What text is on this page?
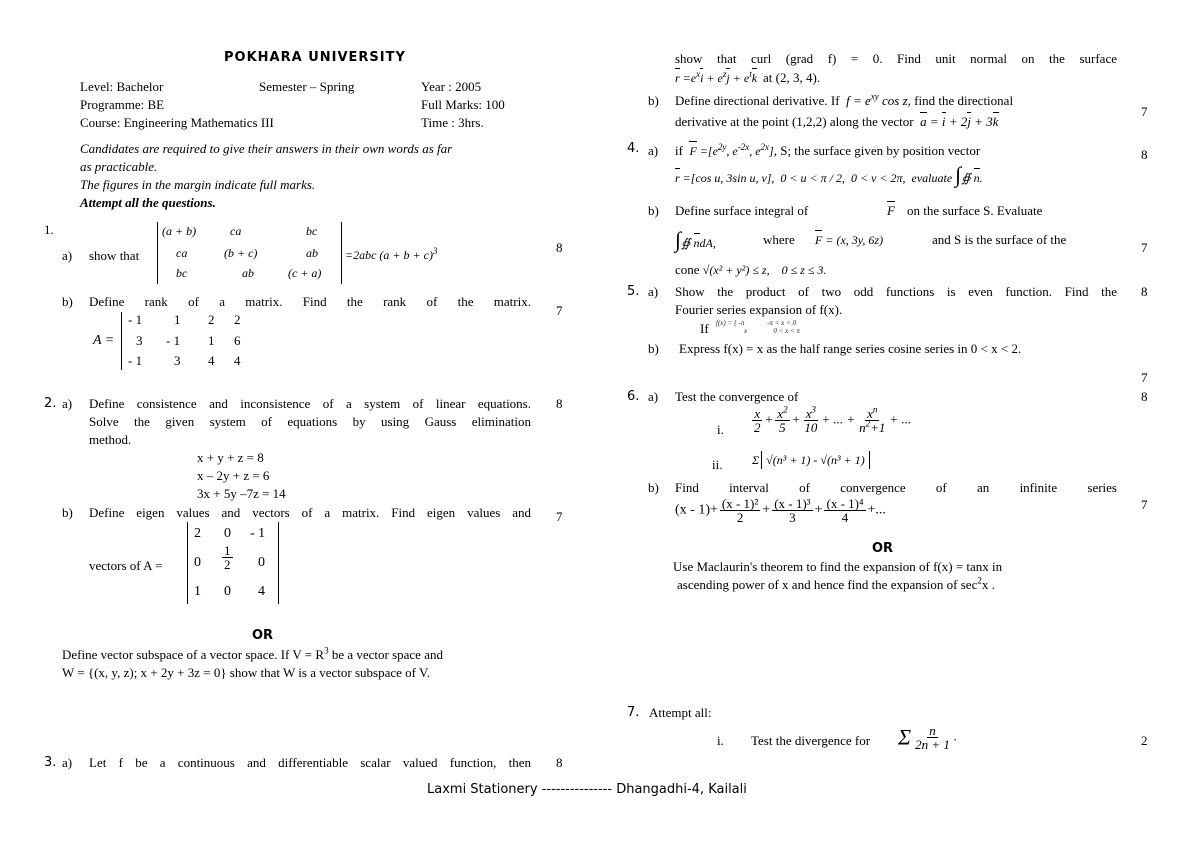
POKHARA UNIVERSITY
Level: Bachelor	Semester – Spring	Year : 2005
Programme: BE	Full Marks: 100
Course: Engineering Mathematics III	Time : 3hrs.
Candidates are required to give their answers in their own words as far
as practicable.
The figures in the margin indicate full marks.
Attempt all the questions.
1.
a) show that
(a + b)	ca	bc
ca	(b + c)	ab
bc	ab	(c + a)
=2abc $(a + b + c)^3$	8
b) Define rank of a matrix. Find the rank of the matrix.
7
A =
- 1 1 2 2
3 - 1 1 6
- 1 3 4 4
2. a) Define consistence and inconsistence of a system of linear equations.
Solve the given system of equations by using Gauss elimination
method.
8
x + y + z = 8
x – 2y + z = 6
3x + 5y –7z = 14
b) Define eigen values and vectors of a matrix. Find eigen values and 7
vectors of A =
2 0 - 1
$0 \frac{1}{2} 0$
1 0 4
OR
Define vector subspace of a vector space. If $V = R^3$ be a vector space and
W = {(x, y, z); x + 2y + 3z = 0} show that W is a vector subspace of V.
3. a) Let f be a continuous and differentiable scalar valued function, then 8
show that curl (grad f) = 0. Find unit normal on the surface
$r =e^xi + e^zj + e^tk$ at (2, 3, 4).
b) Define directional derivative. If  $f = e^{xy}$ cos z, find the directional
derivative at the point (1,2,2) along the vector a = i + 2j + 3k
7
4. a) if $F =[e^{2y}$, $e^{-2x}$, $e^{2x}$], S; the surface given by position vector	8
r =[cos u, 3sin u, v],  0 < u < π / 2,  0 < v < 2π,  evaluate ∫∯ n.
b) Define surface integral of	F on the surface S. Evaluate
∫∯ ndA,	where F = (x, 3y, 6z)	and S is the surface of the
cone √(x² + y²) ≤ z,    0 ≤ z ≤ 3.
7
5. a) Show the product of two odd functions is even function. Find the
Fourier series expansion of f(x).
8
If f(x) = { -π             -π < x < 0
x               0 < x < π
b) Express f(x) = x as the half range series cosine series in 0 < x < 2.
7
6. a) Test the convergence of	8
i. $\frac{x}{2} + \frac{x^2}{5} + \frac{x^3}{10}$ + ... + $\frac{x^n}{n^2+1}$ + ...
ii. Σ √(n³ + 1) - √(n³ + 1)
b) Find interval of convergence of an infinite series
7
$(x - 1)+ \frac{\text{(x - 1)²}}{2} + \frac{\text{(x - 1)³}}{3} + \frac{\text{(x - 1)⁴}}{4}$ +...
OR
Use Maclaurin's theorem to find the expansion of f(x) = tanx in
ascending power of x and hence find the expansion of $\sec^2x$ .
7. Attempt all:
i. Test the divergence for Σ $\frac{n}{2n + 1}$ .	2
Laxmi Stationery --------------- Dhangadhi-4, Kailali
